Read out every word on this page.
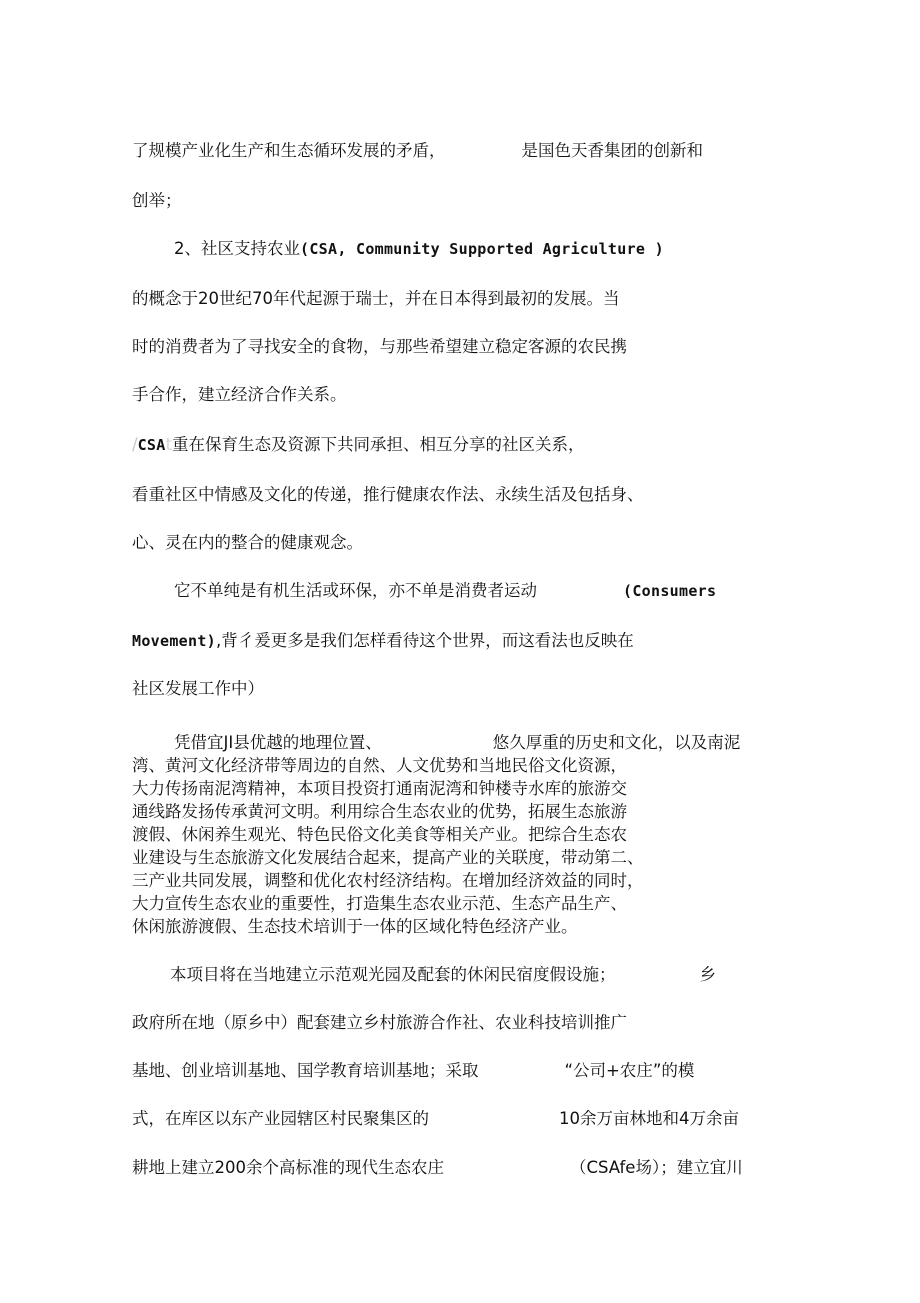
了规模产业化生产和生态循环发展的矛盾，	是国色天香集团的创新和
创举；
2、社区支持农业(CSA, Community Supported Agriculture )
的概念于20世纪70年代起源于瑞士，并在日本得到最初的发展。当
时的消费者为了寻找安全的食物，与那些希望建立稳定客源的农民携
手合作，建立经济合作关系。
/CSAt重在保育生态及资源下共同承担、相互分享的社区关系，
看重社区中情感及文化的传递，推行健康农作法、永续生活及包括身、
心、灵在内的整合的健康观念。
它不单纯是有机生活或环保，亦不单是消费者运动	(Consumers
Movement),背彳爰更多是我们怎样看待这个世界，而这看法也反映在
社区发展工作中）
凭借宜JI县优越的地理位置、	悠久厚重的历史和文化，以及南泥
湾、黄河文化经济带等周边的自然、人文优势和当地民俗文化资源，
大力传扬南泥湾精神，本项目投资打通南泥湾和钟楼寺水库的旅游交
通线路发扬传承黄河文明。利用综合生态农业的优势，拓展生态旅游
渡假、休闲养生观光、特色民俗文化美食等相关产业。把综合生态农
业建设与生态旅游文化发展结合起来，提高产业的关联度，带动第二、
三产业共同发展，调整和优化农村经济结构。在增加经济效益的同时，
大力宣传生态农业的重要性，打造集生态农业示范、生态产品生产、
休闲旅游渡假、生态技术培训于一体的区域化特色经济产业。
本项目将在当地建立示范观光园及配套的休闲民宿度假设施；	乡
政府所在地（原乡中）配套建立乡村旅游合作社、农业科技培训推广
基地、创业培训基地、国学教育培训基地；采取	“公司+农庄”的模
式，在库区以东产业园辖区村民聚集区的	10余万亩林地和4万余亩
耕地上建立200余个高标准的现代生态农庄	（CSAfe场）；建立宜川
